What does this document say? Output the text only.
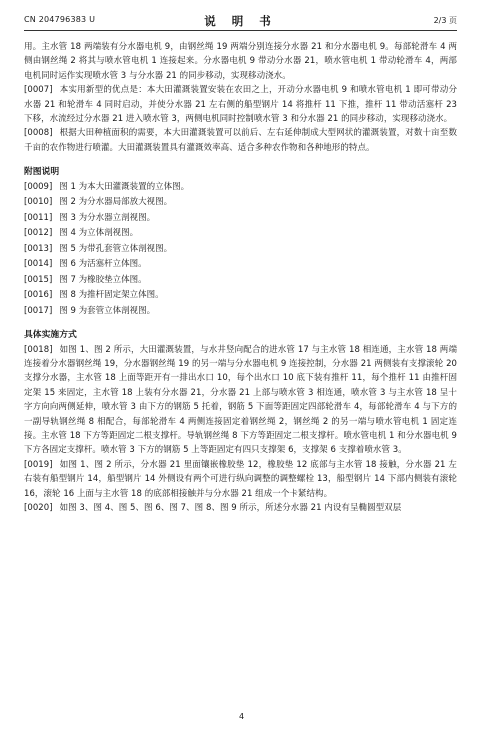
CN 204796383 U	说 明 书	2/3 页

用。主水管 18 两端装有分水器电机 9，由钢丝绳 19 两端分别连接分水器 21 和分水器电机 9。每部轮滑车 4 两侧由钢丝绳 2 将其与喷水管电机 1 连接起来。分水器电机 9 带动分水器 21，喷水管电机 1 带动轮滑车 4，两部电机同时运作实现喷水管 3 与分水器 21 的同步移动，实现移动浇水。

[0007] 本实用新型的优点是：本大田灌溉装置安装在农田之上，开动分水器电机 9 和喷水管电机 1 即可带动分水器 21 和轮滑车 4 同时启动，并使分水器 21 左右侧的船型钢片 14 将推杆 11 下推，推杆 11 带动活塞杆 23 下移，水流经过分水器 21 进入喷水管 3，两侧电机同时控制喷水管 3 和分水器 21 的同步移动，实现移动浇水。

[0008] 根据大田种植面积的需要，本大田灌溉装置可以前后、左右延伸制成大型网状的灌溉装置，对数十亩至数千亩的农作物进行喷灌。大田灌溉装置具有灌溉效率高、适合多种农作物和各种地形的特点。

附图说明

[0009] 图 1 为本大田灌溉装置的立体图。
[0010] 图 2 为分水器局部放大视图。
[0011] 图 3 为分水器立剖视图。
[0012] 图 4 为立体剖视图。
[0013] 图 5 为带孔套管立体剖视图。
[0014] 图 6 为活塞杆立体图。
[0015] 图 7 为橡胶垫立体图。
[0016] 图 8 为推杆固定架立体图。
[0017] 图 9 为套管立体剖视图。

具体实施方式

[0018] 如图 1、图 2 所示，大田灌溉装置，与水井竖向配合的进水管 17 与主水管 18 相连通，主水管 18 两端连接着分水器钢丝绳 19，分水器钢丝绳 19 的另一端与分水器电机 9 连接控制，分水器 21 两侧装有支撑滚轮 20 支撑分水器，主水管 18 上面等距开有一排出水口 10，每个出水口 10 底下装有推杆 11，每个推杆 11 由推杆固定架 15 来固定，主水管 18 上装有分水器 21，分水器 21 上部与喷水管 3 相连通，喷水管 3 与主水管 18 呈十字方向向两侧延伸，喷水管 3 由下方的钢筋 5 托着，钢筋 5 下面等距固定四部轮滑车 4，每部轮滑车 4 与下方的一副导轨钢丝绳 8 相配合，每部轮滑车 4 两侧连接固定着钢丝绳 2，钢丝绳 2 的另一端与喷水管电机 1 固定连接。主水管 18 下方等距固定二根支撑杆。导轨钢丝绳 8 下方等距固定二根支撑杆。喷水管电机 1 和分水器电机 9 下方各固定支撑杆。喷水管 3 下方的钢筋 5 上等距固定有四只支撑架 6，支撑架 6 支撑着喷水管 3。

[0019] 如图 1、图 2 所示，分水器 21 里面镶嵌橡胶垫 12，橡胶垫 12 底部与主水管 18 接触，分水器 21 左右装有船型钢片 14，船型钢片 14 外侧设有两个可进行纵向调整的调整螺栓 13，船型钢片 14 下部内侧装有滚轮 16，滚轮 16 上面与主水管 18 的底部相接触并与分水器 21 组成一个卡紧结构。

[0020] 如图 3、图 4、图 5、图 6、图 7、图 8、图 9 所示，所述分水器 21 内设有呈椭圆型双层

4
